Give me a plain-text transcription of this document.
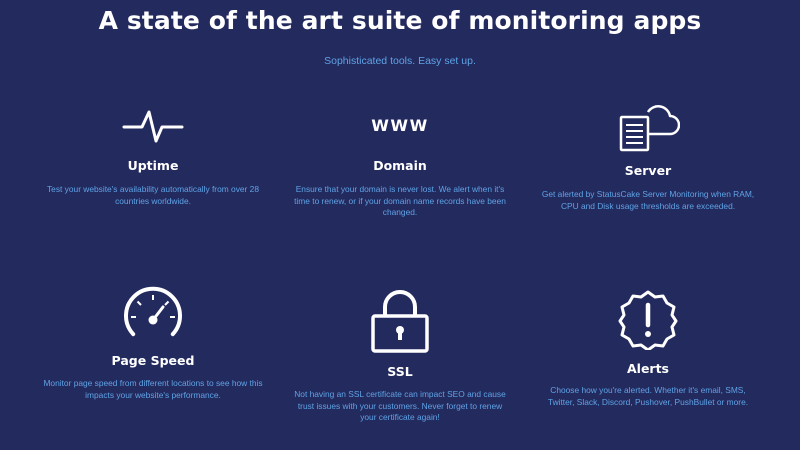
A state of the art suite of monitoring apps

Sophisticated tools. Easy set up.

Uptime

Test your website's availability automatically from over 28 countries worldwide.

WWW
Domain

Ensure that your domain is never lost. We alert when it's time to renew, or if your domain name records have been changed.

Server

Get alerted by StatusCake Server Monitoring when RAM, CPU and Disk usage thresholds are exceeded.

Page Speed

Monitor page speed from different locations to see how this impacts your website's performance.

SSL

Not having an SSL certificate can impact SEO and cause trust issues with your customers. Never forget to renew your certificate again!

Alerts

Choose how you're alerted. Whether it's email, SMS, Twitter, Slack, Discord, Pushover, PushBullet or more.
